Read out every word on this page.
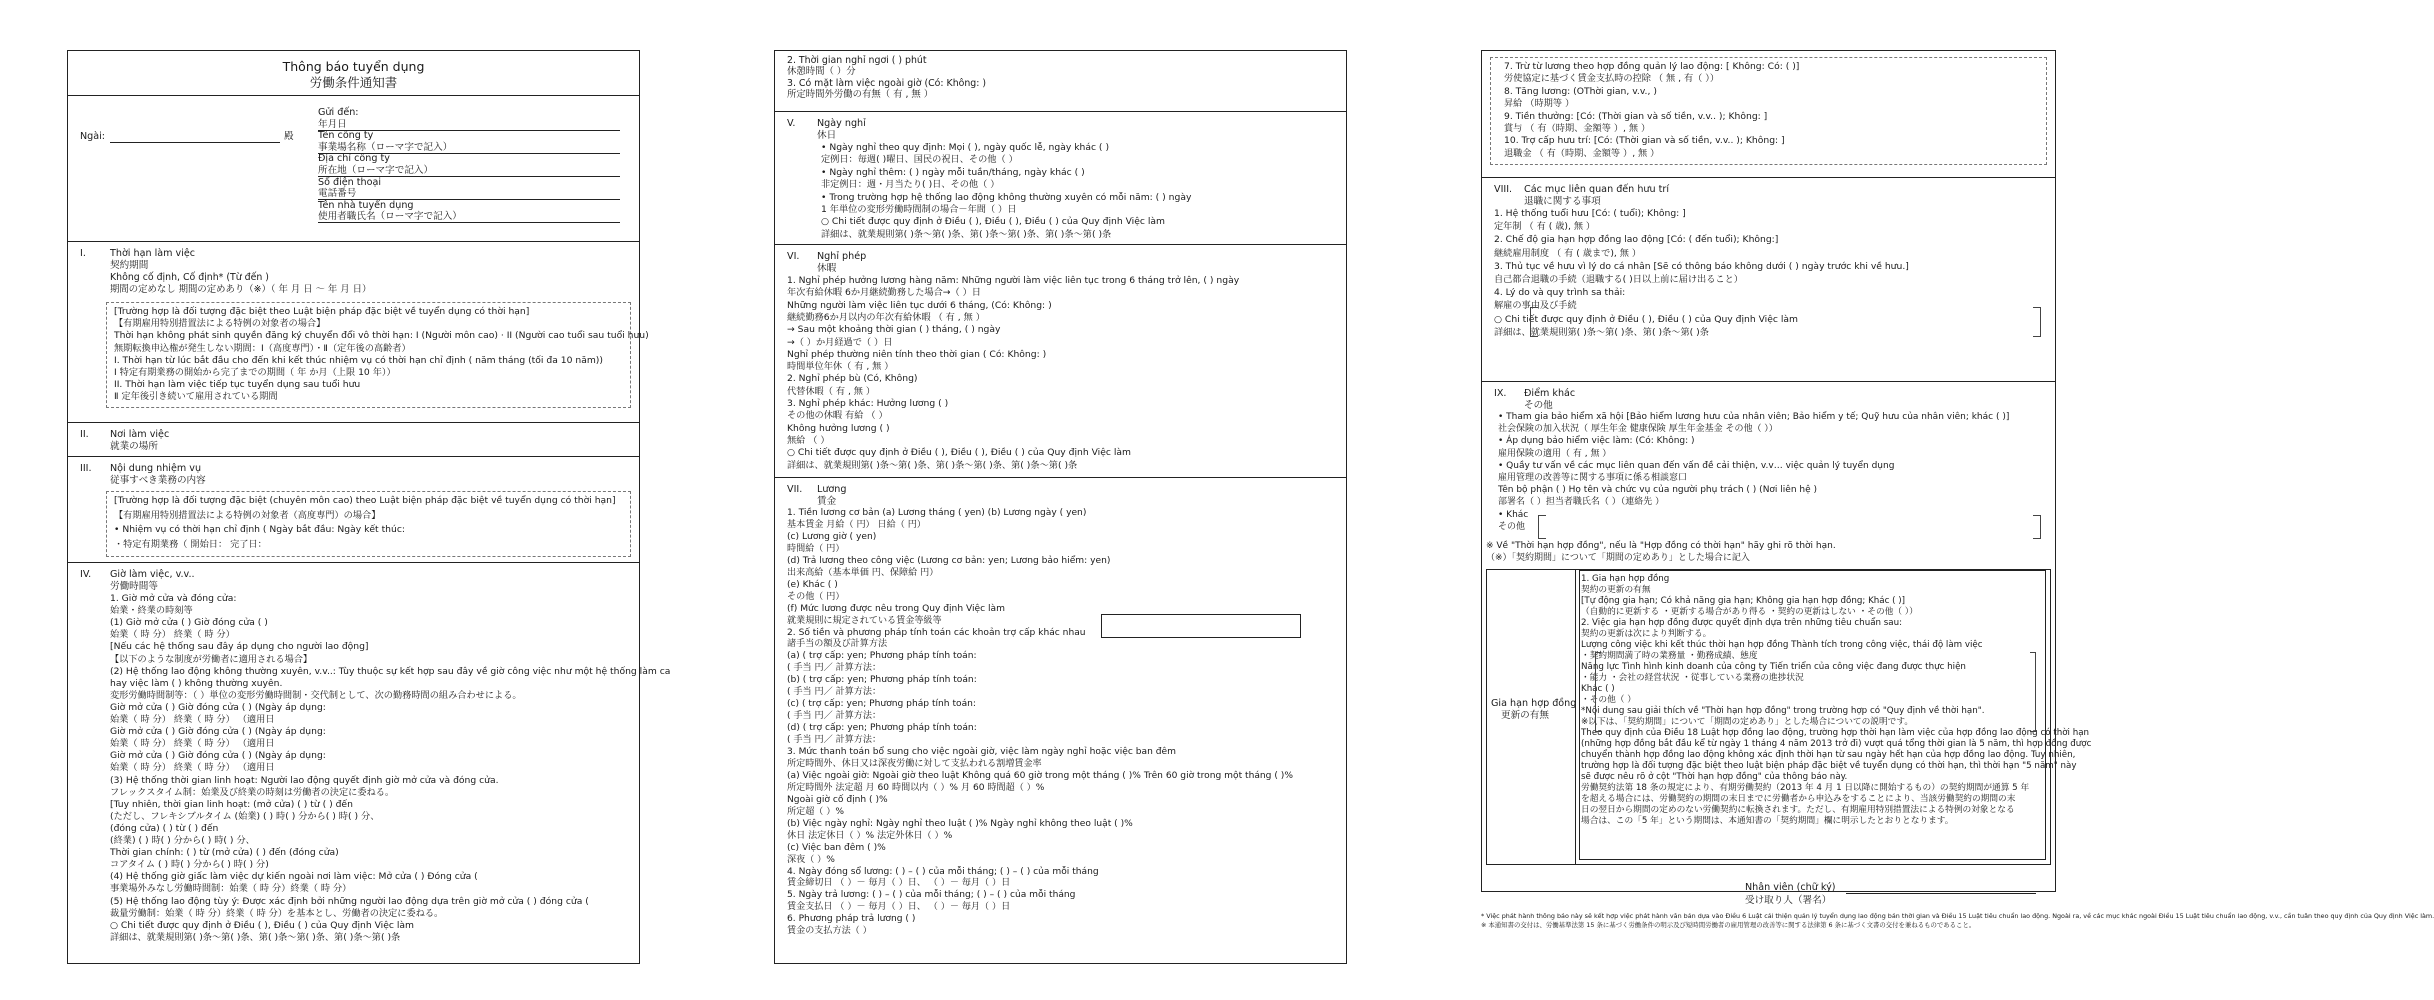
Thông báo tuyển dụng
労働条件通知書
Ngài:	殿
Gửi đến:
年月日
Tên công ty
事業場名称（ローマ字で記入）
Địa chỉ công ty
所在地（ローマ字で記入）
Số điện thoại
電話番号
Tên nhà tuyển dụng
使用者職氏名（ローマ字で記入）
I.	Thời hạn làm việc
契約期間
Không cố định, Cố định* (Từ đến )
期間の定めなし 期間の定めあり（※）（ 年 月 日 ～ 年 月 日）
[Trường hợp là đối tượng đặc biệt theo Luật biện pháp đặc biệt về tuyển dụng có thời hạn]
【有期雇用特別措置法による特例の対象者の場合】
Thời hạn không phát sinh quyền đăng ký chuyển đổi vô thời hạn: I (Người môn cao) · II (Người cao tuổi sau tuổi hưu)
無期転換申込権が発生しない期間：Ⅰ（高度専門）・Ⅱ（定年後の高齢者）
I. Thời hạn từ lúc bắt đầu cho đến khi kết thúc nhiệm vụ có thời hạn chỉ định ( năm tháng (tối đa 10 năm))
Ⅰ 特定有期業務の開始から完了までの期間（ 年 か月（上限 10 年））
II. Thời hạn làm việc tiếp tục tuyển dụng sau tuổi hưu
Ⅱ 定年後引き続いて雇用されている期間
II. Nơi làm việc
就業の場所
III. Nội dung nhiệm vụ
従事すべき業務の内容
[Trường hợp là đối tượng đặc biệt (chuyên môn cao) theo Luật biện pháp đặc biệt về tuyển dụng có thời hạn]
【有期雇用特別措置法による特例の対象者（高度専門）の場合】
• Nhiệm vụ có thời hạn chỉ định ( Ngày bắt đầu: Ngày kết thúc:
・特定有期業務（ 開始日： 完了日：
IV. Giờ làm việc, v.v..
労働時間等
1. Giờ mở cửa và đóng cửa:
始業・終業の時刻等
(1) Giờ mở cửa ( ) Giờ đóng cửa ( )
始業（ 時 分） 終業（ 時 分）
[Nếu các hệ thống sau đây áp dụng cho người lao động]
【以下のような制度が労働者に適用される場合】
(2) Hệ thống lao động không thường xuyên, v.v..: Tùy thuộc sự kết hợp sau đây về giờ công việc như một hệ thống làm ca
hay việc làm ( ) không thường xuyên.
変形労働時間制等：（ ）単位の変形労働時間制・交代制として、次の勤務時間の組み合わせによる。
Giờ mở cửa ( ) Giờ đóng cửa ( ) (Ngày áp dụng:
始業（ 時 分） 終業（ 時 分） （適用日
Giờ mở cửa ( ) Giờ đóng cửa ( ) (Ngày áp dụng:
始業（ 時 分） 終業（ 時 分） （適用日
Giờ mở cửa ( ) Giờ đóng cửa ( ) (Ngày áp dụng:
始業（ 時 分） 終業（ 時 分） （適用日
(3) Hệ thống thời gian linh hoạt: Người lao động quyết định giờ mở cửa và đóng cửa.
フレックスタイム制：始業及び終業の時刻は労働者の決定に委ねる。
[Tuy nhiên, thời gian linh hoạt: (mở cửa) ( ) từ ( ) đến
(ただし、フレキシブルタイム (始業) ( ) 時( ) 分から( ) 時( ) 分、
(đóng cửa) ( ) từ ( ) đến
(終業) ( ) 時( ) 分から( ) 時( ) 分、
Thời gian chính: ( ) từ (mở cửa) ( ) đến (đóng cửa)
コアタイム ( ) 時( ) 分から( ) 時( ) 分)
(4) Hệ thống giờ giấc làm việc dự kiến ngoài nơi làm việc: Mở cửa ( ) Đóng cửa (
事業場外みなし労働時間制：始業（ 時 分）終業（ 時 分）
(5) Hệ thống lao động tùy ý: Được xác định bởi những người lao động dựa trên giờ mở cửa ( ) đóng cửa (
裁量労働制：始業（ 時 分）終業（ 時 分）を基本とし、労働者の決定に委ねる。
○ Chi tiết được quy định ở Điều ( ), Điều ( ) của Quy định Việc làm
詳細は、就業規則第( )条～第( )条、第( )条～第( )条、第( )条～第( )条
2. Thời gian nghỉ ngơi ( ) phút
休憩時間（ ）分
3. Có mặt làm việc ngoài giờ (Có: Không: )
所定時間外労働の有無（ 有 , 無 ）
V. Ngày nghỉ
休日
• Ngày nghỉ theo quy định: Mọi ( ), ngày quốc lễ, ngày khác ( )
定例日：毎週( )曜日、国民の祝日、その他（ ）
• Ngày nghỉ thêm: ( ) ngày mỗi tuần/tháng, ngày khác ( )
非定例日：週・月当たり( )日、その他（ ）
• Trong trường hợp hệ thống lao động không thường xuyên có mỗi năm: ( ) ngày
1 年単位の変形労働時間制の場合－年間（ ）日
○ Chi tiết được quy định ở Điều ( ), Điều ( ), Điều ( ) của Quy định Việc làm
詳細は、就業規則第( )条～第( )条、第( )条～第( )条、第( )条～第( )条
VI. Nghỉ phép
休暇
1. Nghỉ phép hưởng lương hàng năm: Những người làm việc liên tục trong 6 tháng trở lên, ( ) ngày
年次有給休暇 6か月継続勤務した場合→（ ）日
Những người làm việc liên tục dưới 6 tháng, (Có: Không: )
継続勤務6か月以内の年次有給休暇 （ 有 , 無 ）
→ Sau một khoảng thời gian ( ) tháng, ( ) ngày
→（ ）か月経過で（ ）日
Nghỉ phép thường niên tính theo thời gian ( Có: Không: )
時間単位年休（ 有 , 無 ）
2. Nghỉ phép bù (Có, Không)
代替休暇（ 有 , 無 ）
3. Nghỉ phép khác: Hưởng lương ( )
その他の休暇 有給 （ ）
Không hưởng lương ( )
無給 （ ）
○ Chi tiết được quy định ở Điều ( ), Điều ( ), Điều ( ) của Quy định Việc làm
詳細は、就業規則第( )条～第( )条、第( )条～第( )条、第( )条～第( )条
VII. Lương
賃金
1. Tiền lương cơ bản (a) Lương tháng ( yen) (b) Lương ngày ( yen)
基本賃金 月給（ 円） 日給（ 円）
(c) Lương giờ ( yen)
時間給（ 円）
(d) Trả lương theo công việc (Lương cơ bản: yen; Lương bảo hiểm: yen)
出来高給（基本単価 円、保障給 円）
(e) Khác ( )
その他（ 円）
(f) Mức lương được nêu trong Quy định Việc làm
就業規則に規定されている賃金等級等
2. Số tiền và phương pháp tính toán các khoản trợ cấp khác nhau
諸手当の額及び計算方法
(a) ( trợ cấp: yen; Phương pháp tính toán:
( 手当 円／ 計算方法：
(b) ( trợ cấp: yen; Phương pháp tính toán:
( 手当 円／ 計算方法：
(c) ( trợ cấp: yen; Phương pháp tính toán:
( 手当 円／ 計算方法：
(d) ( trợ cấp: yen; Phương pháp tính toán:
( 手当 円／ 計算方法：
3. Mức thanh toán bổ sung cho việc ngoài giờ, việc làm ngày nghỉ hoặc việc ban đêm
所定時間外、休日又は深夜労働に対して支払われる割増賃金率
(a) Việc ngoài giờ: Ngoài giờ theo luật Không quá 60 giờ trong một tháng ( )% Trên 60 giờ trong một tháng ( )%
所定時間外 法定超 月 60 時間以内（ ）% 月 60 時間超（ ）%
Ngoài giờ cố định ( )%
所定超（ ）%
(b) Việc ngày nghỉ: Ngày nghỉ theo luật ( )% Ngày nghỉ không theo luật ( )%
休日 法定休日（ ）% 法定外休日（ ）%
(c) Việc ban đêm ( )%
深夜（ ）%
4. Ngày đóng sổ lương: ( ) – ( ) của mỗi tháng; ( ) – ( ) của mỗi tháng
賃金締切日 （ ）－ 毎月（ ）日、 （ ）－ 毎月（ ）日
5. Ngày trả lương: ( ) – ( ) của mỗi tháng; ( ) – ( ) của mỗi tháng
賃金支払日 （ ）－ 毎月（ ）日、 （ ）－ 毎月（ ）日
6. Phương pháp trả lương ( )
賃金の支払方法（ ）
7. Trừ từ lương theo hợp đồng quản lý lao động: [ Không: Có: ( )]
労使協定に基づく賃金支払時の控除 （ 無 , 有（ ））
8. Tăng lương: (OThời gian, v.v., )
昇給 （時期等 ）
9. Tiền thưởng: [Có: (Thời gian và số tiền, v.v.. ); Không: ]
賞与 （ 有（時期、金額等 ）, 無 ）
10. Trợ cấp hưu trí: [Có: (Thời gian và số tiền, v.v.. ); Không: ]
退職金 （ 有（時期、金額等 ）, 無 ）
VIII. Các mục liên quan đến hưu trí
退職に関する事項
1. Hệ thống tuổi hưu [Có: ( tuổi); Không: ]
定年制 （ 有 ( 歳), 無 ）
2. Chế độ gia hạn hợp đồng lao động [Có: ( đến tuổi); Không:]
継続雇用制度 （ 有 ( 歳まで), 無 ）
3. Thủ tục về hưu vì lý do cá nhân [Sẽ có thông báo không dưới ( ) ngày trước khi về hưu.]
自己都合退職の手続（退職する( )日以上前に届け出ること）
4. Lý do và quy trình sa thải:
解雇の事由及び手続
○ Chi tiết được quy định ở Điều ( ), Điều ( ) của Quy định Việc làm
詳細は、就業規則第( )条～第( )条、第( )条～第( )条
IX. Điểm khác
その他
• Tham gia bảo hiểm xã hội [Bảo hiểm lương hưu của nhân viên; Bảo hiểm y tế; Quỹ hưu của nhân viên; khác ( )]
社会保険の加入状況（ 厚生年金 健康保険 厚生年金基金 その他（ ））
• Áp dụng bảo hiểm việc làm: (Có: Không: )
雇用保険の適用（ 有 , 無 ）
• Quầy tư vấn về các mục liên quan đến vấn đề cải thiện, v.v… việc quản lý tuyển dụng
雇用管理の改善等に関する事項に係る相談窓口
Tên bộ phận ( ) Họ tên và chức vụ của người phụ trách ( ) (Nơi liên hệ )
部署名（ ）担当者職氏名（ ）（連絡先 ）
• Khác
その他
※ Về "Thời hạn hợp đồng", nếu là "Hợp đồng có thời hạn" hãy ghi rõ thời hạn.
（※）「契約期間」について「期間の定めあり」とした場合に記入
Gia hạn hợp đồng
更新の有無
1. Gia hạn hợp đồng
契約の更新の有無
[Tự động gia hạn; Có khả năng gia hạn; Không gia hạn hợp đồng; Khác ( )]
（自動的に更新する ・更新する場合があり得る ・契約の更新はしない ・その他（ ））
2. Việc gia hạn hợp đồng được quyết định dựa trên những tiêu chuẩn sau:
契約の更新は次により判断する。
Lượng công việc khi kết thúc thời hạn hợp đồng Thành tích trong công việc, thái độ làm việc
・契約期間満了時の業務量 ・勤務成績、態度
Năng lực Tình hình kinh doanh của công ty Tiến triển của công việc đang được thực hiện
・能力 ・会社の経営状況 ・従事している業務の進捗状況
Khác ( )
・その他（ ）
*Nội dung sau giải thích về "Thời hạn hợp đồng" trong trường hợp có "Quy định về thời hạn".
※以下は、「契約期間」について「期間の定めあり」とした場合についての説明です。
Theo quy định của Điều 18 Luật hợp đồng lao động, trường hợp thời hạn làm việc của hợp đồng lao động có thời hạn
(những hợp đồng bắt đầu kể từ ngày 1 tháng 4 năm 2013 trở đi) vượt quá tổng thời gian là 5 năm, thì hợp đồng được
chuyển thành hợp đồng lao động không xác định thời hạn từ sau ngày hết hạn của hợp đồng lao động. Tuy nhiên,
trường hợp là đối tượng đặc biệt theo luật biện pháp đặc biệt về tuyển dụng có thời hạn, thì thời hạn "5 năm" này
sẽ được nêu rõ ở cột "Thời hạn hợp đồng" của thông báo này.
労働契約法第 18 条の規定により、有期労働契約（2013 年 4 月 1 日以降に開始するもの）の契約期間が通算 5 年
を超える場合には、労働契約の期間の末日までに労働者から申込みをすることにより、当該労働契約の期間の末
日の翌日から期間の定めのない労働契約に転換されます。ただし、有期雇用特別措置法による特例の対象となる
場合は、この「5 年」という期間は、本通知書の「契約期間」欄に明示したとおりとなります。
Nhân viên (chữ ký)
受け取り人（署名）
* Việc phát hành thông báo này sẽ kết hợp việc phát hành văn bản dựa vào Điều 6 Luật cải thiện quản lý tuyển dụng lao động bán thời gian và Điều 15 Luật tiêu chuẩn lao động. Ngoài ra, về các mục khác ngoài Điều 15 Luật tiêu chuẩn lao động, v.v., cần tuân theo quy định của Quy định Việc làm.
※ 本通知書の交付は、労働基準法第 15 条に基づく労働条件の明示及び短時間労働者の雇用管理の改善等に関する法律第 6 条に基づく文書の交付を兼ねるものであること。
